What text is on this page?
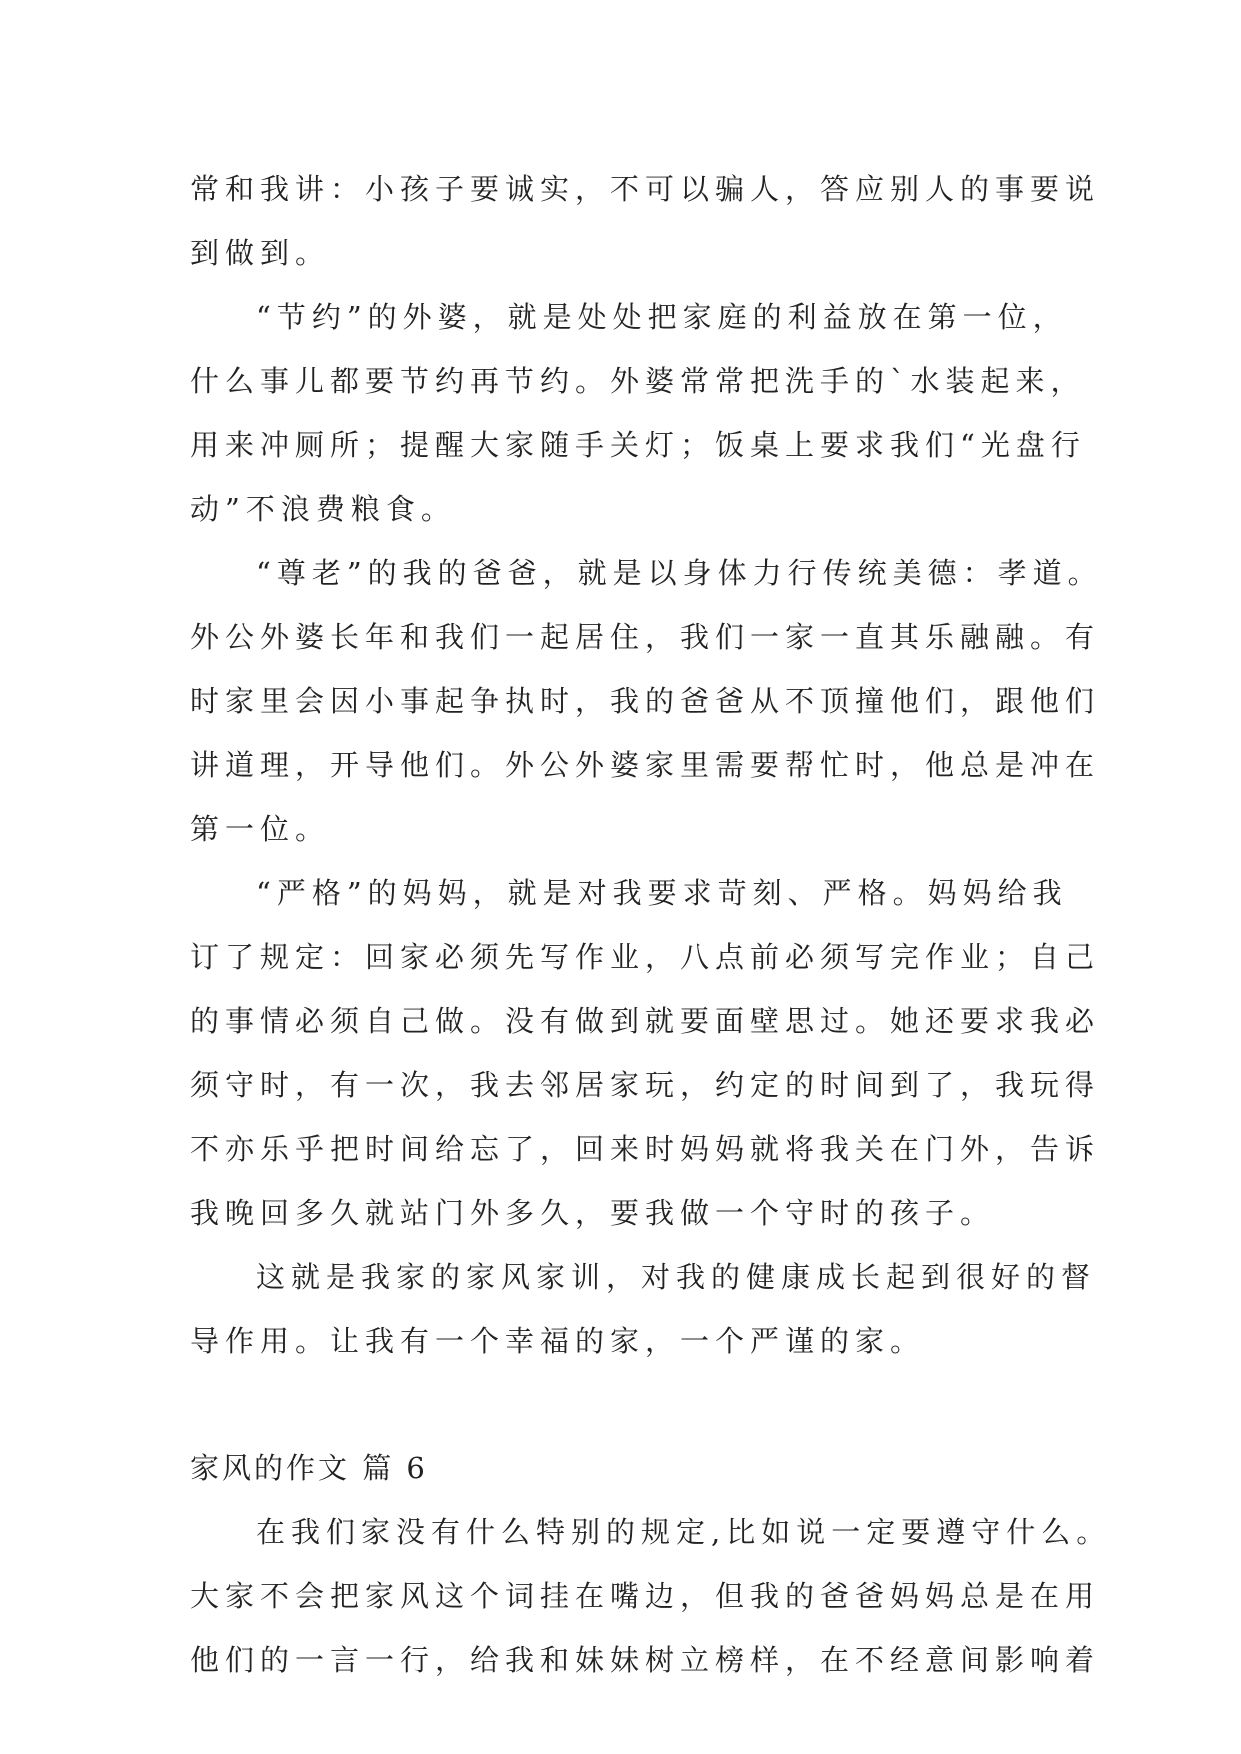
常和我讲：小孩子要诚实，不可以骗人，答应别人的事要说
到做到。
“节约”的外婆，就是处处把家庭的利益放在第一位，
什么事儿都要节约再节约。外婆常常把洗手的`水装起来，
用来冲厕所；提醒大家随手关灯；饭桌上要求我们“光盘行
动”不浪费粮食。
“尊老”的我的爸爸，就是以身体力行传统美德：孝道。
外公外婆长年和我们一起居住，我们一家一直其乐融融。有
时家里会因小事起争执时，我的爸爸从不顶撞他们，跟他们
讲道理，开导他们。外公外婆家里需要帮忙时，他总是冲在
第一位。
“严格”的妈妈，就是对我要求苛刻、严格。妈妈给我
订了规定：回家必须先写作业，八点前必须写完作业；自己
的事情必须自己做。没有做到就要面壁思过。她还要求我必
须守时，有一次，我去邻居家玩，约定的时间到了，我玩得
不亦乐乎把时间给忘了，回来时妈妈就将我关在门外，告诉
我晚回多久就站门外多久，要我做一个守时的孩子。
这就是我家的家风家训，对我的健康成长起到很好的督
导作用。让我有一个幸福的家，一个严谨的家。
家风的作文 篇 6
在我们家没有什么特别的规定,比如说一定要遵守什么。
大家不会把家风这个词挂在嘴边，但我的爸爸妈妈总是在用
他们的一言一行，给我和妹妹树立榜样，在不经意间影响着
